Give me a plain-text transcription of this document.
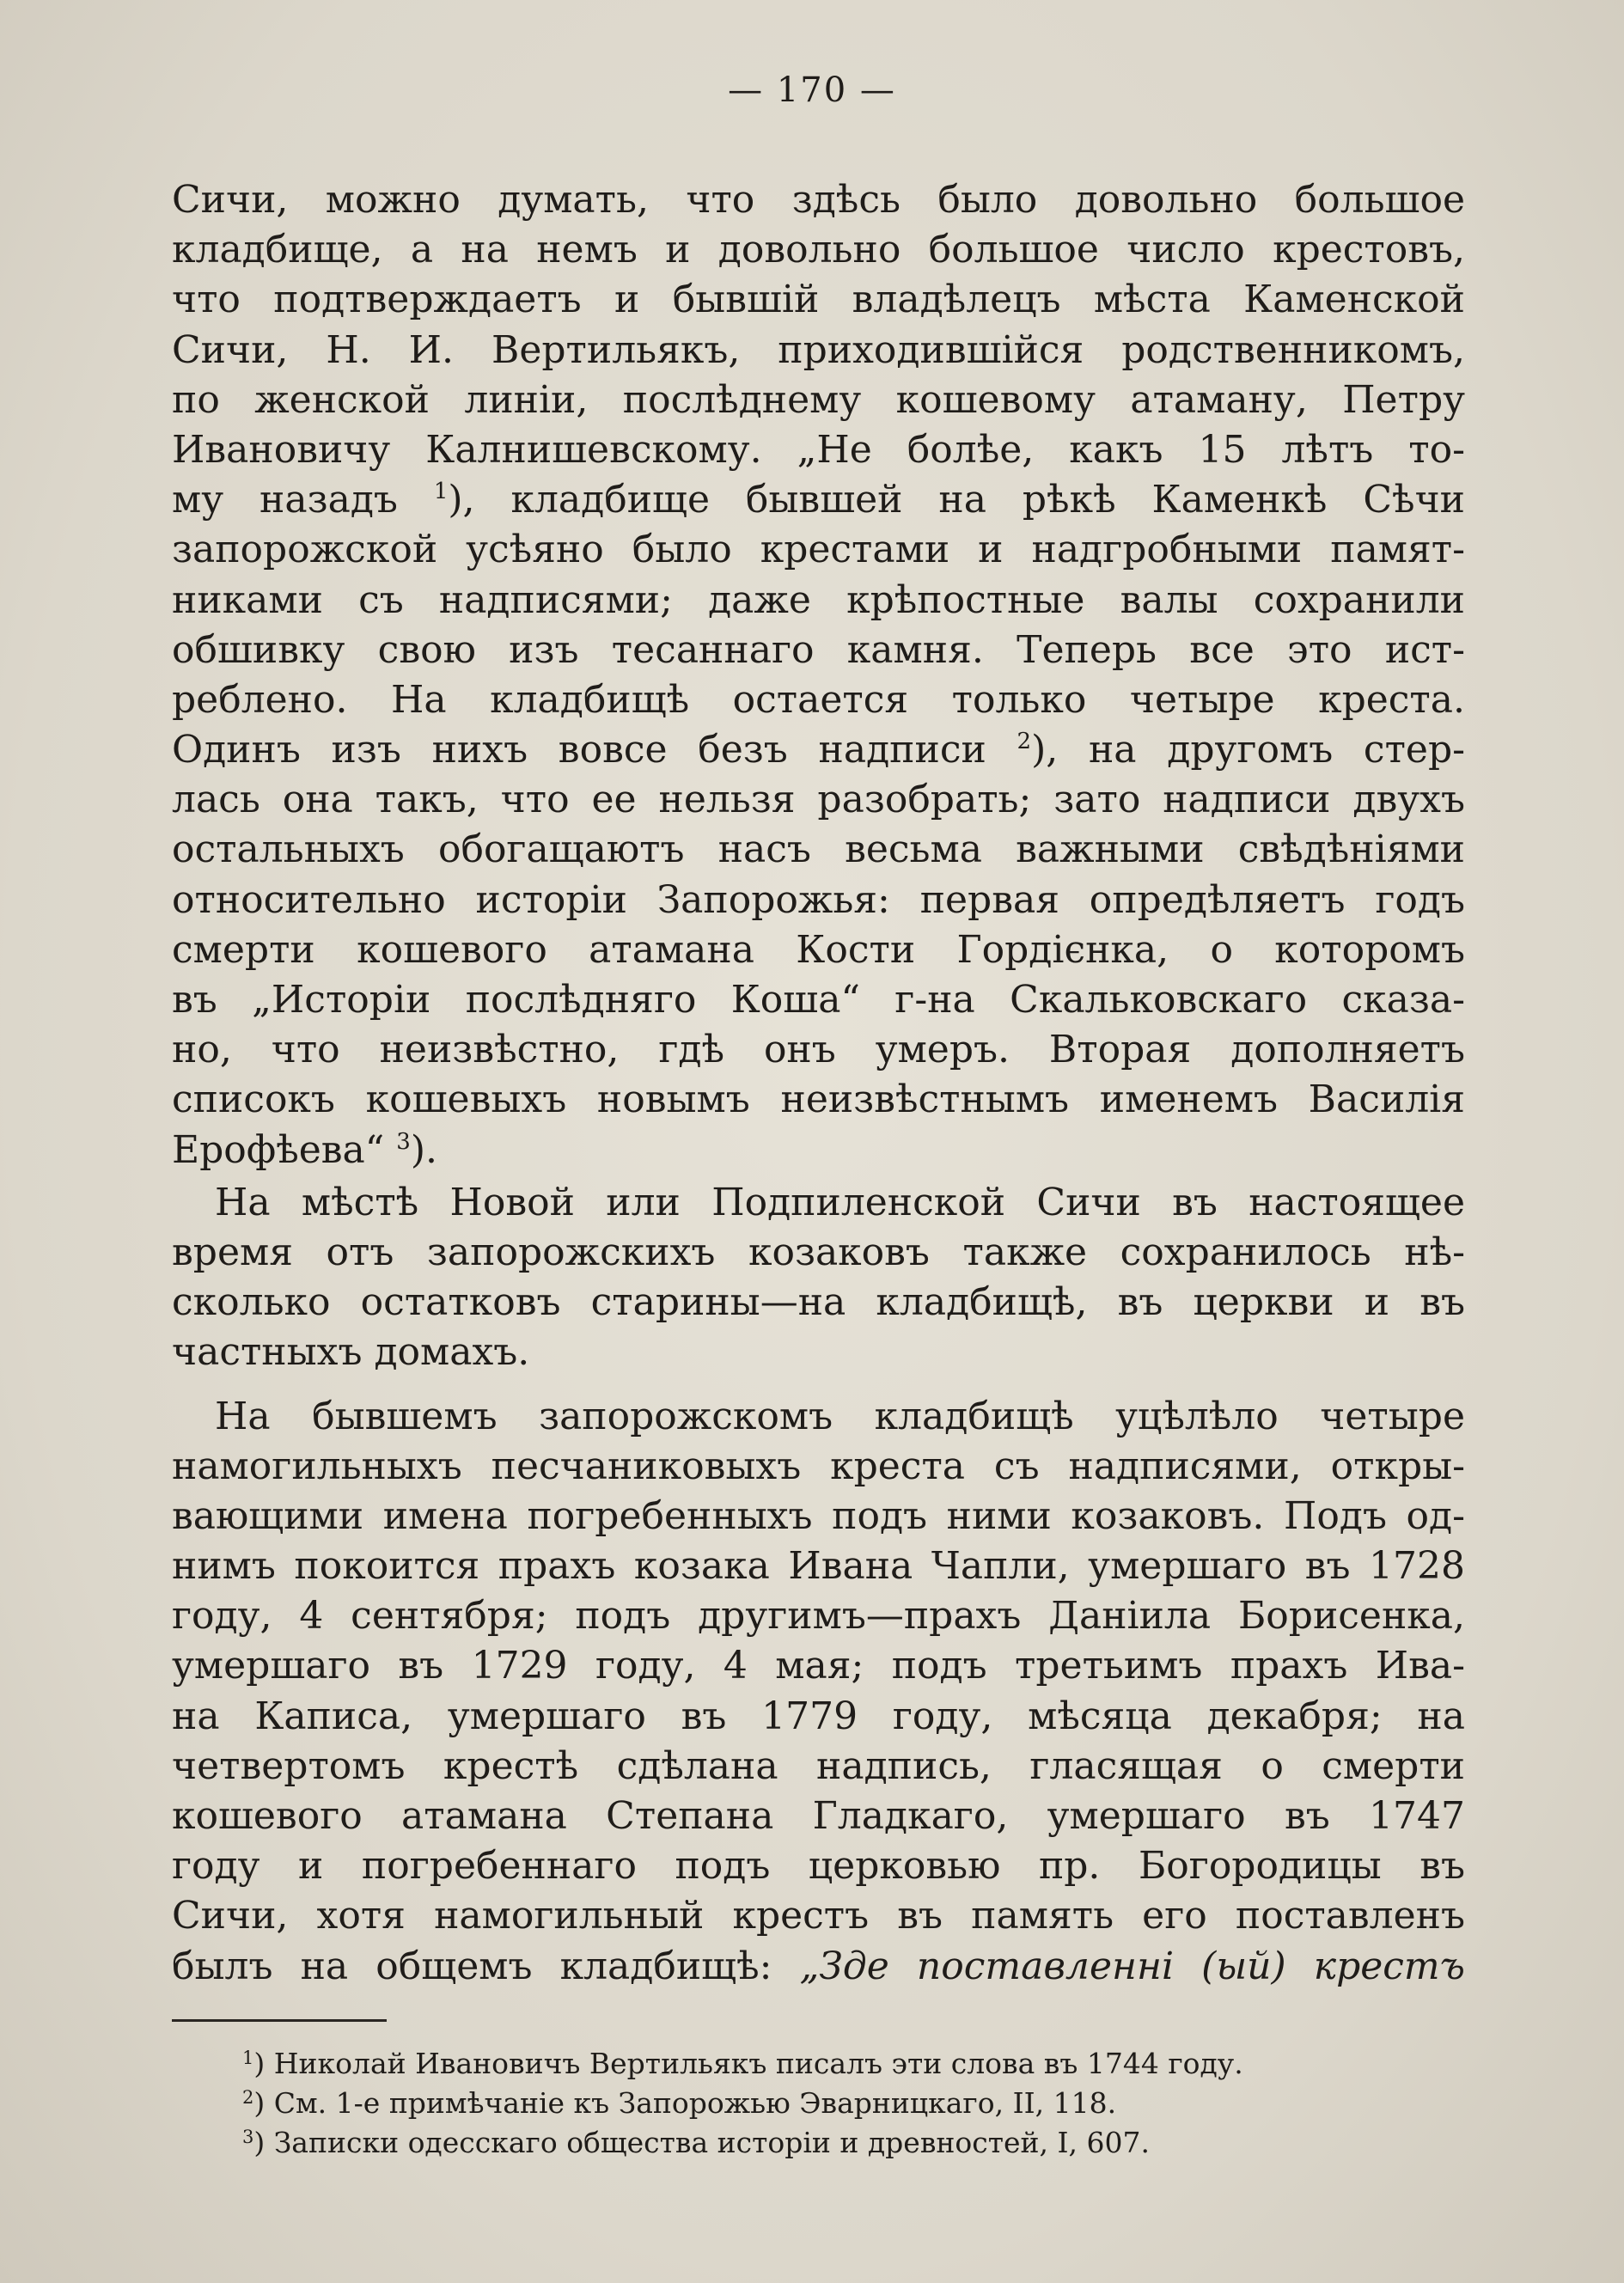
— 170 —
Сичи, можно думать, что здѣсь было довольно большое
кладбище, а на немъ и довольно большое число крестовъ,
что подтверждаетъ и бывшій владѣлецъ мѣста Каменской
Сичи, Н. И. Вертильякъ, приходившійся родственникомъ,
по женской линіи, послѣднему кошевому атаману, Петру
Ивановичу Калнишевскому. „Не болѣе, какъ 15 лѣтъ то-
му назадъ $^1$), кладбище бывшей на рѣкѣ Каменкѣ Сѣчи
запорожской усѣяно было крестами и надгробными памят-
никами съ надписями; даже крѣпостные валы сохранили
обшивку свою изъ тесаннаго камня. Теперь все это ист-
реблено. На кладбищѣ остается только четыре креста.
Одинъ изъ нихъ вовсе безъ надписи $^2$), на другомъ стер-
лась она такъ, что ее нельзя разобрать; зато надписи двухъ
остальныхъ обогащаютъ насъ весьма важными свѣдѣніями
относительно исторіи Запорожья: первая опредѣляетъ годъ
смерти кошевого атамана Кости Гордієнка, о которомъ
въ „Исторіи послѣдняго Коша“ г-на Скальковскаго сказа-
но, что неизвѣстно, гдѣ онъ умеръ. Вторая дополняетъ
списокъ кошевыхъ новымъ неизвѣстнымъ именемъ Василія
Ерофѣева“ $^3$).
На мѣстѣ Новой или Подпиленской Сичи въ настоящее
время отъ запорожскихъ козаковъ также сохранилось нѣ-
сколько остатковъ старины—на кладбищѣ, въ церкви и въ
частныхъ домахъ.
На бывшемъ запорожскомъ кладбищѣ уцѣлѣло четыре
намогильныхъ песчаниковыхъ креста съ надписями, откры-
вающими имена погребенныхъ подъ ними козаковъ. Подъ од-
нимъ покоится прахъ козака Ивана Чапли, умершаго въ 1728
году, 4 сентября; подъ другимъ—прахъ Даніила Борисенка,
умершаго въ 1729 году, 4 мая; подъ третьимъ прахъ Ива-
на Каписа, умершаго въ 1779 году, мѣсяца декабря; на
четвертомъ крестѣ сдѣлана надпись, гласящая о смерти
кошевого атамана Степана Гладкаго, умершаго въ 1747
году и погребеннаго подъ церковью пр. Богородицы въ
Сичи, хотя намогильный крестъ въ память его поставленъ
былъ на общемъ кладбищѣ: „Зде поставленні (ый) крестъ
$^1$) Николай Ивановичъ Вертильякъ писалъ эти слова въ 1744 году.
$^2$) См. 1-е примѣчаніе къ Запорожью Эварницкаго, II, 118.
$^3$) Записки одесскаго общества исторіи и древностей, I, 607.
